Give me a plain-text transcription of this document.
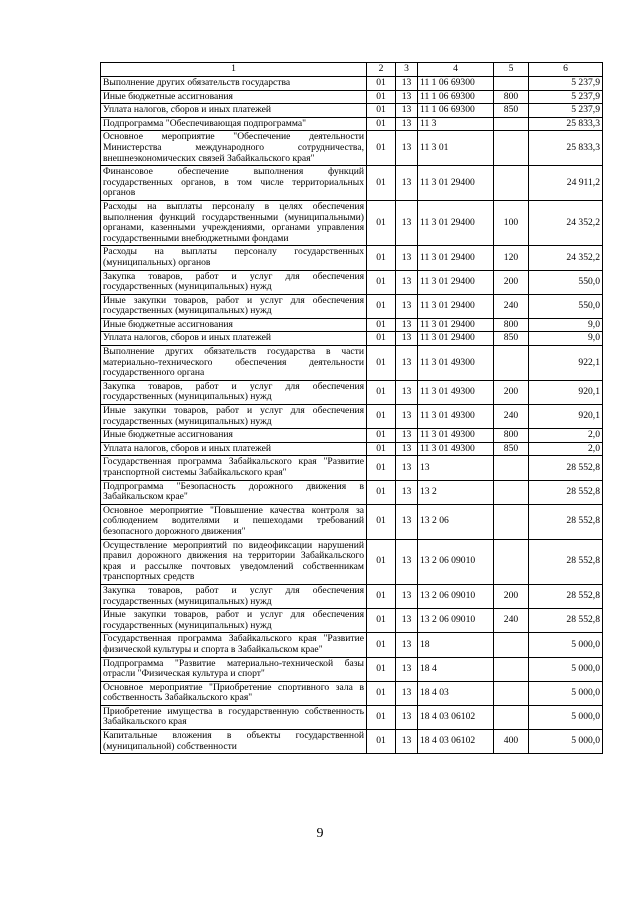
1	2	3	4	5	6
Выполнение других обязательств государства	01	13	11 1 06 69300		5 237,9
Иные бюджетные ассигнования	01	13	11 1 06 69300	800	5 237,9
Уплата налогов, сборов и иных платежей	01	13	11 1 06 69300	850	5 237,9
Подпрограмма "Обеспечивающая подпрограмма"	01	13	11 3		25 833,3
Основное мероприятие "Обеспечение деятельности Министерства международного сотрудничества, внешнеэкономических связей Забайкальского края"	01	13	11 3 01		25 833,3
Финансовое обеспечение выполнения функций государственных органов, в том числе территориальных органов	01	13	11 3 01 29400		24 911,2
Расходы на выплаты персоналу в целях обеспечения выполнения функций государственными (муниципальными) органами, казенными учреждениями, органами управления государственными внебюджетными фондами	01	13	11 3 01 29400	100	24 352,2
Расходы на выплаты персоналу государственных (муниципальных) органов	01	13	11 3 01 29400	120	24 352,2
Закупка товаров, работ и услуг для обеспечения государственных (муниципальных) нужд	01	13	11 3 01 29400	200	550,0
Иные закупки товаров, работ и услуг для обеспечения государственных (муниципальных) нужд	01	13	11 3 01 29400	240	550,0
Иные бюджетные ассигнования	01	13	11 3 01 29400	800	9,0
Уплата налогов, сборов и иных платежей	01	13	11 3 01 29400	850	9,0
Выполнение других обязательств государства в части материально-технического обеспечения деятельности государственного органа	01	13	11 3 01 49300		922,1
Закупка товаров, работ и услуг для обеспечения государственных (муниципальных) нужд	01	13	11 3 01 49300	200	920,1
Иные закупки товаров, работ и услуг для обеспечения государственных (муниципальных) нужд	01	13	11 3 01 49300	240	920,1
Иные бюджетные ассигнования	01	13	11 3 01 49300	800	2,0
Уплата налогов, сборов и иных платежей	01	13	11 3 01 49300	850	2,0
Государственная программа Забайкальского края "Развитие транспортной системы Забайкальского края"	01	13	13		28 552,8
Подпрограмма "Безопасность дорожного движения в Забайкальском крае"	01	13	13 2		28 552,8
Основное мероприятие "Повышение качества контроля за соблюдением водителями и пешеходами требований безопасного дорожного движения"	01	13	13 2 06		28 552,8
Осуществление мероприятий по видеофиксации нарушений правил дорожного движения на территории Забайкальского края и рассылке почтовых уведомлений собственникам транспортных средств	01	13	13 2 06 09010		28 552,8
Закупка товаров, работ и услуг для обеспечения государственных (муниципальных) нужд	01	13	13 2 06 09010	200	28 552,8
Иные закупки товаров, работ и услуг для обеспечения государственных (муниципальных) нужд	01	13	13 2 06 09010	240	28 552,8
Государственная программа Забайкальского края "Развитие физической культуры и спорта в Забайкальском крае"	01	13	18		5 000,0
Подпрограмма "Развитие материально-технической базы отрасли "Физическая культура и спорт"	01	13	18 4		5 000,0
Основное мероприятие "Приобретение спортивного зала в собственность Забайкальского края"	01	13	18 4 03		5 000,0
Приобретение имущества в государственную собственность Забайкальского края	01	13	18 4 03 06102		5 000,0
Капитальные вложения в объекты государственной (муниципальной) собственности	01	13	18 4 03 06102	400	5 000,0
9
